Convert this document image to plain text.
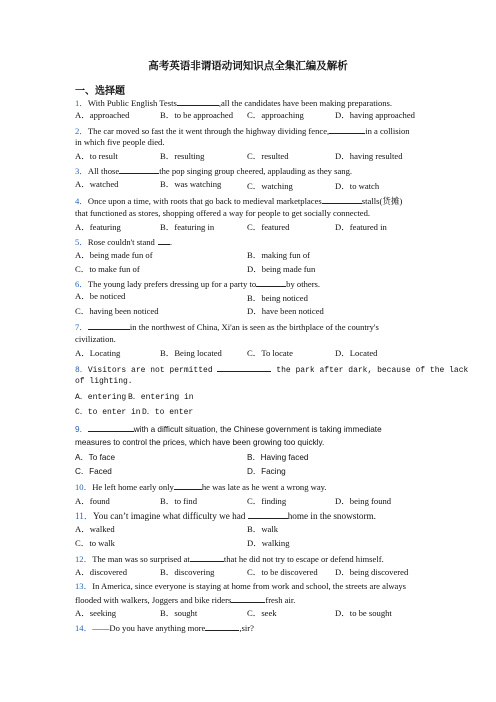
高考英语非谓语动词知识点全集汇编及解析
一、选择题
1．With Public English Tests	,all the candidates have been making preparations.
A．approached	B．to be approached C．approaching	D．having approached
2．The car moved so fast the it went through the highway dividing fence,	in a collision
in which five people died.
A．to result	B．resulting	C．resulted	D．having resulted
3．All those	the pop singing group cheered, applauding as they sang.
A．watched	B．was watching	C．watching	D．to watch
4．Once upon a time, with roots that go back to medieval marketplaces	stalls(货摊)
that functioned as stores, shopping offered a way for people to get socially connected.
A．featuring	B．featuring in	C．featured	D．featured in
5．Rose couldn't stand .
A．being made fun of	B．making fun of
C．to make fun of	D．being made fun
6．The young lady prefers dressing up for a party to	by others.
A．be noticed	B．being noticed
C．having been noticed	D．have been noticed
7．	in the northwest of China, Xi'an is seen as the birthplace of the country's
civilization.
A．Locating	B．Being located	C．To locate	D．Located
8．Visitors are not permitted	the park after dark, because of the lack
of lighting.
A．entering B．entering in
C．to enter in D．to enter
9．	with a difficult situation, the Chinese government is taking immediate
measures to control the prices, which have been growing too quickly.
A．To face	B．Having faced
C．Faced	D．Facing
10．He left home early only	he was late as he went a wrong way.
A．found	B．to find	C．finding	D．being found
11．You can’t imagine what difficulty we had	home in the snowstorm.
A．walked	B．walk
C．to walk	D．walking
12．The man was so surprised at	that he did not try to escape or defend himself.
A．discovered	B．discovering	C．to be discovered D．being discovered
13．In America, since everyone is staying at home from work and school, the streets are always
flooded with walkers, Joggers and bike riders	fresh air.
A．seeking	B．sought	C．seek	D．to be sought
14．——Do you have anything more	,sir?
